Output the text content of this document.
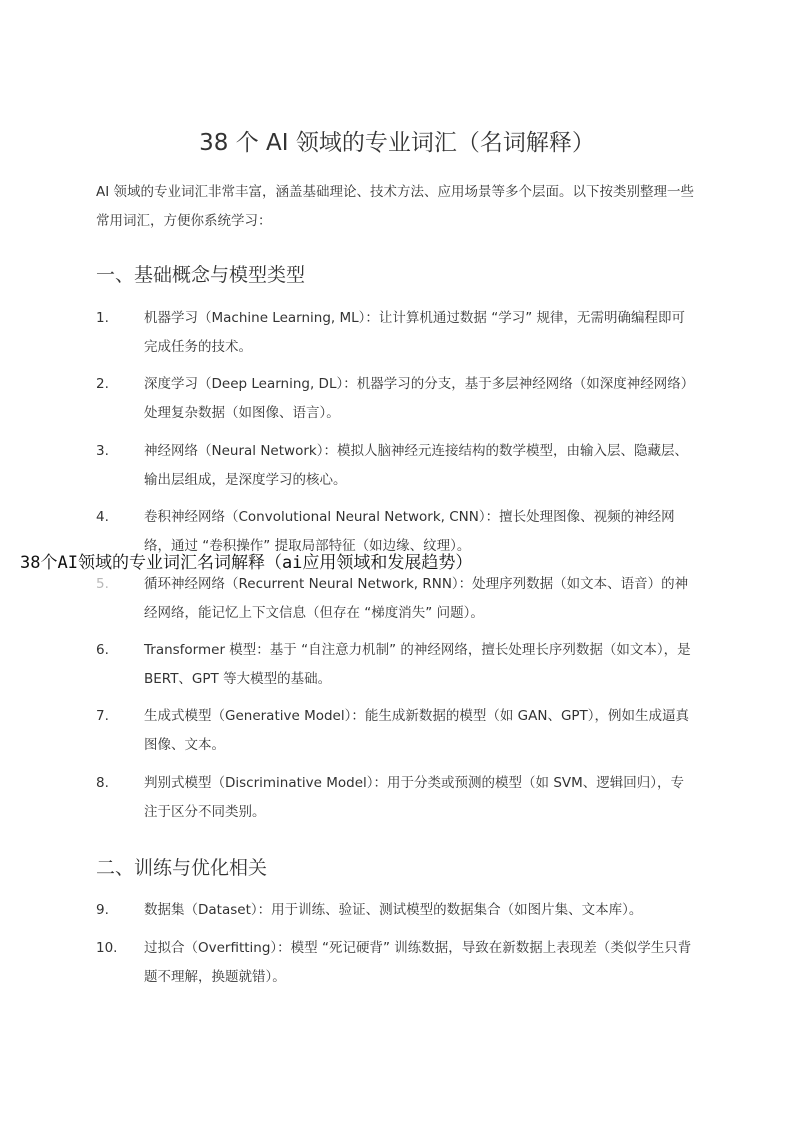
38 个 AI 领域的专业词汇（名词解释）
AI 领域的专业词汇非常丰富，涵盖基础理论、技术方法、应用场景等多个层面。以下按类别整理一些常用词汇，方便你系统学习：
一、基础概念与模型类型
1.	机器学习（Machine Learning, ML）：让计算机通过数据 “学习” 规律，无需明确编程即可完成任务的技术。
2.	深度学习（Deep Learning, DL）：机器学习的分支，基于多层神经网络（如深度神经网络）处理复杂数据（如图像、语言）。
3.	神经网络（Neural Network）：模拟人脑神经元连接结构的数学模型，由输入层、隐藏层、输出层组成，是深度学习的核心。
4.	卷积神经网络（Convolutional Neural Network, CNN）：擅长处理图像、视频的神经网络，通过 “卷积操作” 提取局部特征（如边缘、纹理）。
5.	循环神经网络（Recurrent Neural Network, RNN）：处理序列数据（如文本、语音）的神经网络，能记忆上下文信息（但存在 “梯度消失” 问题）。
6.	Transformer 模型：基于 “自注意力机制” 的神经网络，擅长处理长序列数据（如文本），是 BERT、GPT 等大模型的基础。
7.	生成式模型（Generative Model）：能生成新数据的模型（如 GAN、GPT），例如生成逼真图像、文本。
8.	判别式模型（Discriminative Model）：用于分类或预测的模型（如 SVM、逻辑回归），专注于区分不同类别。
二、训练与优化相关
9.	数据集（Dataset）：用于训练、验证、测试模型的数据集合（如图片集、文本库）。
10. 过拟合（Overfitting）：模型 “死记硬背” 训练数据，导致在新数据上表现差（类似学生只背题不理解，换题就错）。
38个AI领域的专业词汇名词解释（ai应用领域和发展趋势）
